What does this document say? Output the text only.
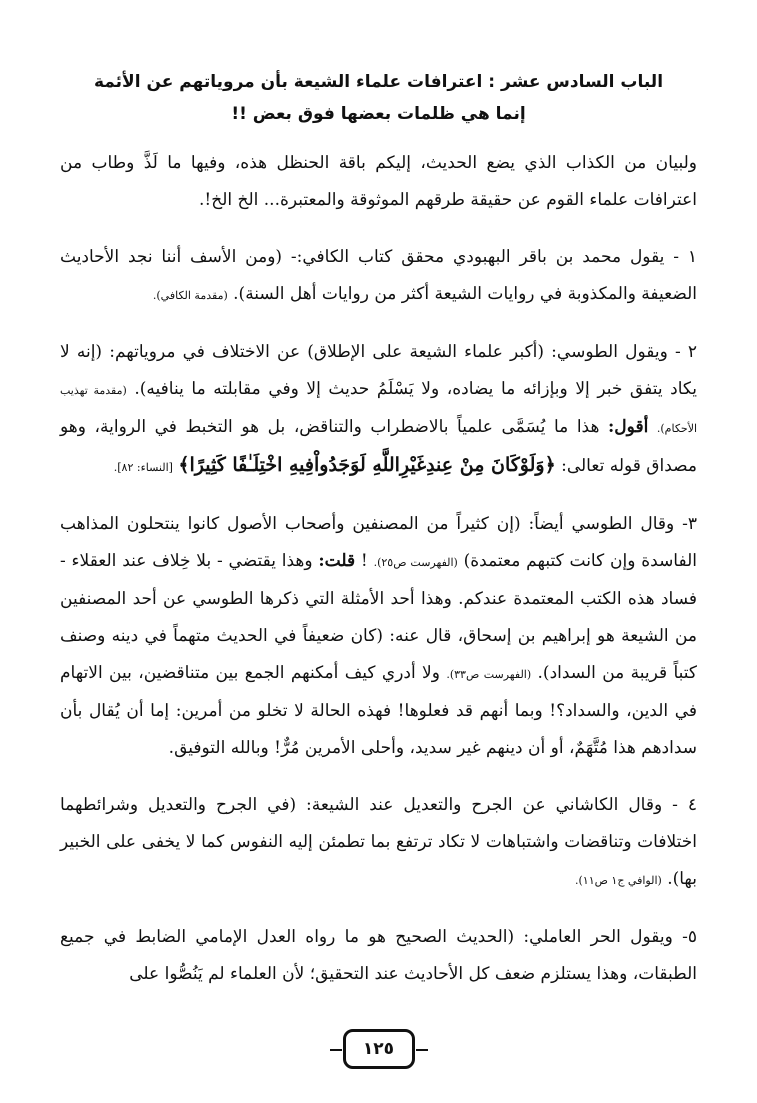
الباب السادس عشر : اعترافات علماء الشيعة بأن مروياتهم عن الأئمة
إنما هي ظلمات بعضها فوق بعض !!

ولبيان من الكذاب الذي يضع الحديث، إليكم باقة الحنظل هذه، وفيها ما لَذَّ وطاب من اعترافات علماء القوم عن حقيقة طرقهم الموثوقة والمعتبرة... الخ الخ!.

١ - يقول محمد بن باقر البهبودي محقق كتاب الكافي:- (ومن الأسف أننا نجد الأحاديث الضعيفة والمكذوبة في روايات الشيعة أكثر من روايات أهل السنة). (مقدمة الكافي).

٢ - ويقول الطوسي: (أكبر علماء الشيعة على الإطلاق) عن الاختلاف في مروياتهم: (إنه لا يكاد يتفق خبر إلا وبإزائه ما يضاده، ولا يَسْلَمُ حديث إلا وفي مقابلته ما ينافيه). (مقدمة تهذيب الأحكام). أقول: هذا ما يُسَمَّى علمياً بالاضطراب والتناقض، بل هو التخبط في الرواية، وهو مصداق قوله تعالى: ﴿وَلَوْكَانَ مِنْ عِندِغَيْرِاللَّهِ لَوَجَدُواْفِيهِ اخْتِلَـٰفًا كَثِيرًا﴾ [النساء: ٨٢].

٣- وقال الطوسي أيضاً: (إن كثيراً من المصنفين وأصحاب الأصول كانوا ينتحلون المذاهب الفاسدة وإن كانت كتبهم معتمدة) (الفهرست ص٢٥). ! قلت: وهذا يقتضي - بلا خِلاف عند العقلاء - فساد هذه الكتب المعتمدة عندكم. وهذا أحد الأمثلة التي ذكرها الطوسي عن أحد المصنفين من الشيعة هو إبراهيم بن إسحاق، قال عنه: (كان ضعيفاً في الحديث متهماً في دينه وصنف كتباً قريبة من السداد). (الفهرست ص٣٣). ولا أدري كيف أمكنهم الجمع بين متناقضين، بين الاتهام في الدين، والسداد؟! وبما أنهم قد فعلوها! فهذه الحالة لا تخلو من أمرين: إما أن يُقال بأن سدادهم هذا مُتَّهَمٌ، أو أن دينهم غير سديد، وأحلى الأمرين مُرٌّ! وبالله التوفيق.

٤ - وقال الكاشاني عن الجرح والتعديل عند الشيعة: (في الجرح والتعديل وشرائطهما اختلافات وتناقضات واشتباهات لا تكاد ترتفع بما تطمئن إليه النفوس كما لا يخفى على الخبير بها). (الوافي ج١ ص١١).

٥- ويقول الحر العاملي: (الحديث الصحيح هو ما رواه العدل الإمامي الضابط في جميع الطبقات، وهذا يستلزم ضعف كل الأحاديث عند التحقيق؛ لأن العلماء لم يَنُصُّوا على

١٢٥
